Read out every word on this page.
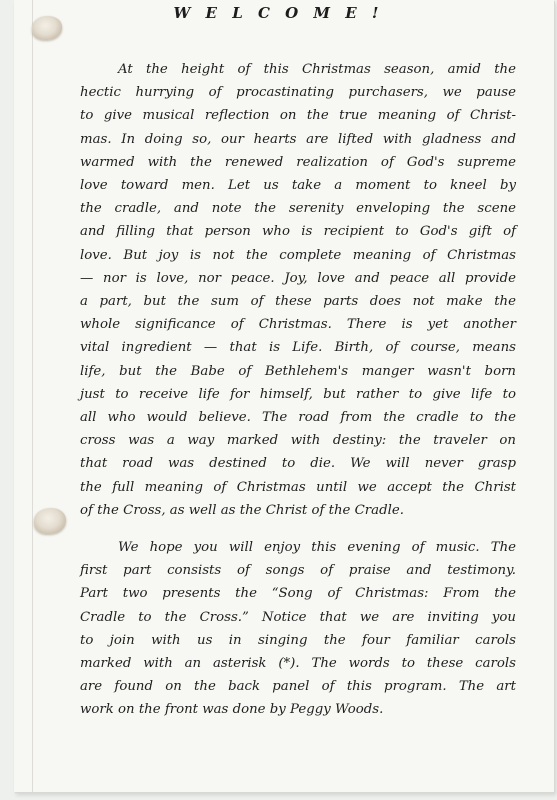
W E L C O M E !

At the height of this Christmas season, amid the
hectic hurrying of procastinating purchasers, we pause
to give musical reflection on the true meaning of Christ-
mas. In doing so, our hearts are lifted with gladness and
warmed with the renewed realization of God's supreme
love toward men. Let us take a moment to kneel by
the cradle, and note the serenity enveloping the scene
and filling that person who is recipient to God's gift of
love. But joy is not the complete meaning of Christmas
— nor is love, nor peace. Joy, love and peace all provide
a part, but the sum of these parts does not make the
whole significance of Christmas. There is yet another
vital ingredient — that is Life. Birth, of course, means
life, but the Babe of Bethlehem's manger wasn't born
just to receive life for himself, but rather to give life to
all who would believe. The road from the cradle to the
cross was a way marked with destiny: the traveler on
that road was destined to die. We will never grasp
the full meaning of Christmas until we accept the Christ
of the Cross, as well as the Christ of the Cradle.

We hope you will enjoy this evening of music. The
first part consists of songs of praise and testimony.
Part two presents the “Song of Christmas: From the
Cradle to the Cross.” Notice that we are inviting you
to join with us in singing the four familiar carols
marked with an asterisk (*). The words to these carols
are found on the back panel of this program. The art
work on the front was done by Peggy Woods.
